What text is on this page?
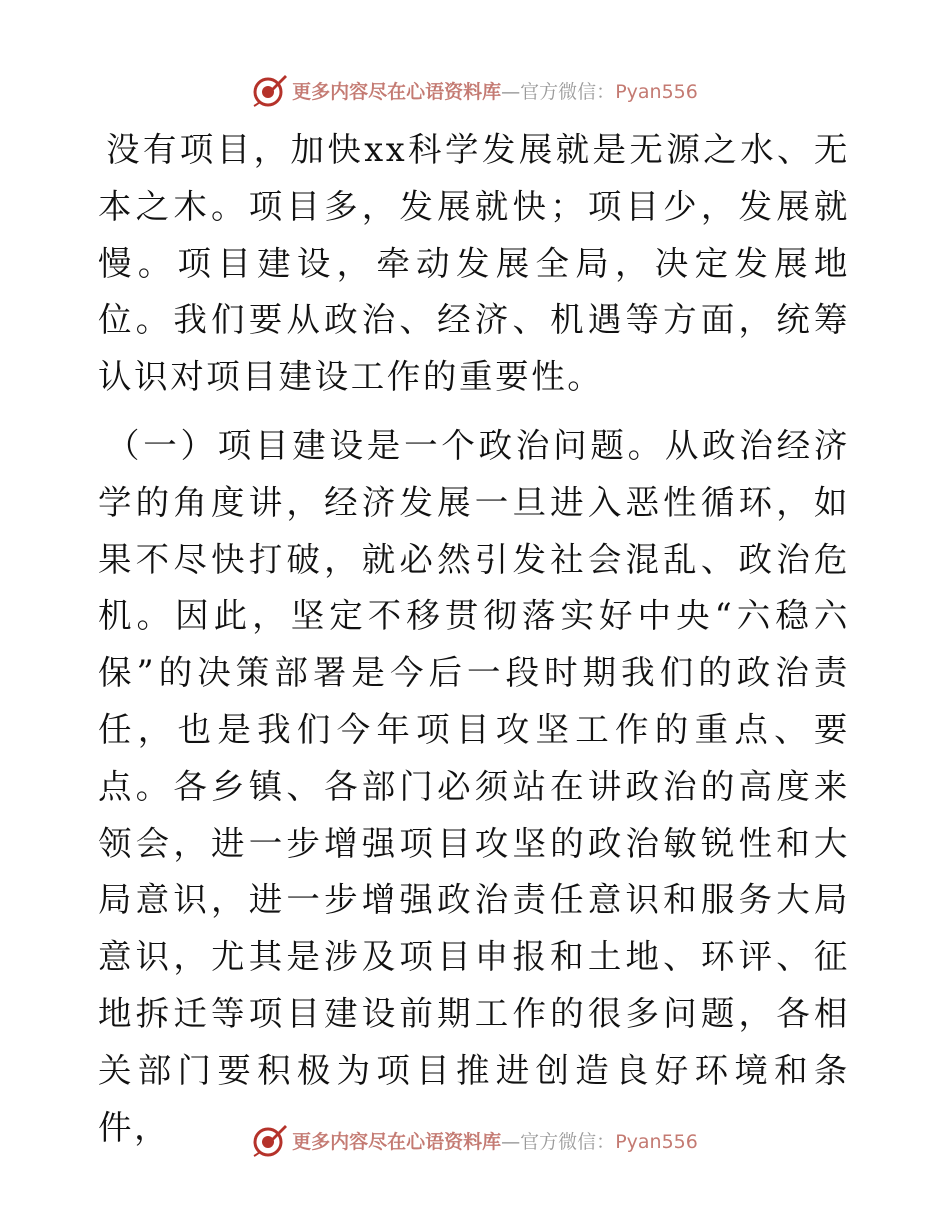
更多内容尽在心语资料库—官方微信：Pyan556

没有项目，加快xx科学发展就是无源之水、无本之木。项目多，发展就快；项目少，发展就慢。项目建设，牵动发展全局，决定发展地位。我们要从政治、经济、机遇等方面，统筹认识对项目建设工作的重要性。

（一）项目建设是一个政治问题。从政治经济学的角度讲，经济发展一旦进入恶性循环，如果不尽快打破，就必然引发社会混乱、政治危机。因此，坚定不移贯彻落实好中央“六稳六保”的决策部署是今后一段时期我们的政治责任，也是我们今年项目攻坚工作的重点、要点。各乡镇、各部门必须站在讲政治的高度来领会，进一步增强项目攻坚的政治敏锐性和大局意识，进一步增强政治责任意识和服务大局意识，尤其是涉及项目申报和土地、环评、征地拆迁等项目建设前期工作的很多问题，各相关部门要积极为项目推进创造良好环境和条件，	更多内容尽在心语资料库—官方微信：Pyan556
